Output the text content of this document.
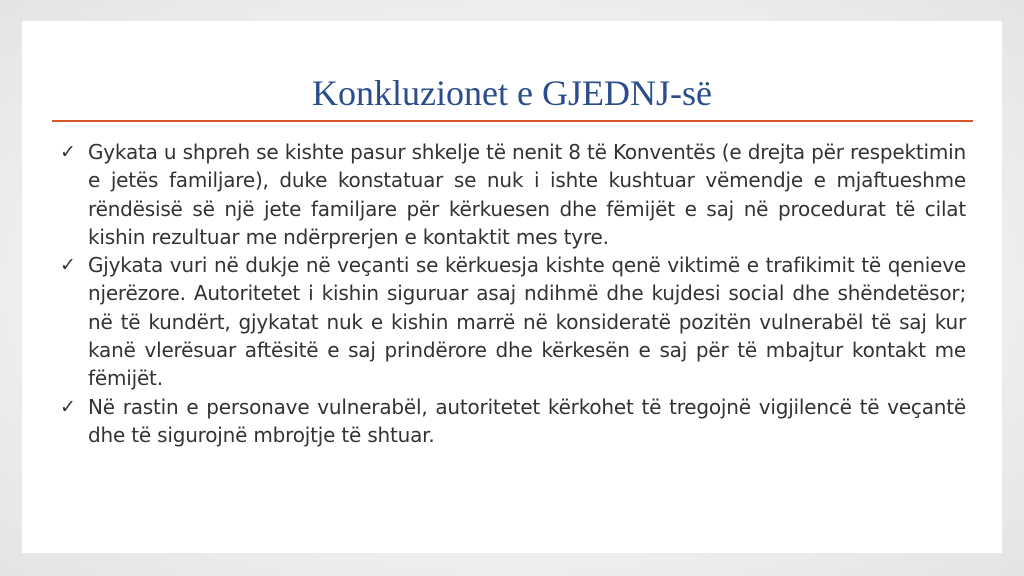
Konkluzionet e GJEDNJ-së
✓ Gykata u shpreh se kishte pasur shkelje të nenit 8 të Konventës (e drejta për respektimin e jetës familjare), duke konstatuar se nuk i ishte kushtuar vëmendje e mjaftueshme rëndësisë së një jete familjare për kërkuesen dhe fëmijët e saj në procedurat të cilat kishin rezultuar me ndërprerjen e kontaktit mes tyre.
✓ Gjykata vuri në dukje në veçanti se kërkuesja kishte qenë viktimë e trafikimit të qenieve njerëzore. Autoritetet i kishin siguruar asaj ndihmë dhe kujdesi social dhe shëndetësor; në të kundërt, gjykatat nuk e kishin marrë në konsideratë pozitën vulnerabël të saj kur kanë vlerësuar aftësitë e saj prindërore dhe kërkesën e saj për të mbajtur kontakt me fëmijët.
✓ Në rastin e personave vulnerabël, autoritetet kërkohet të tregojnë vigjilencë të veçantë dhe të sigurojnë mbrojtje të shtuar.
